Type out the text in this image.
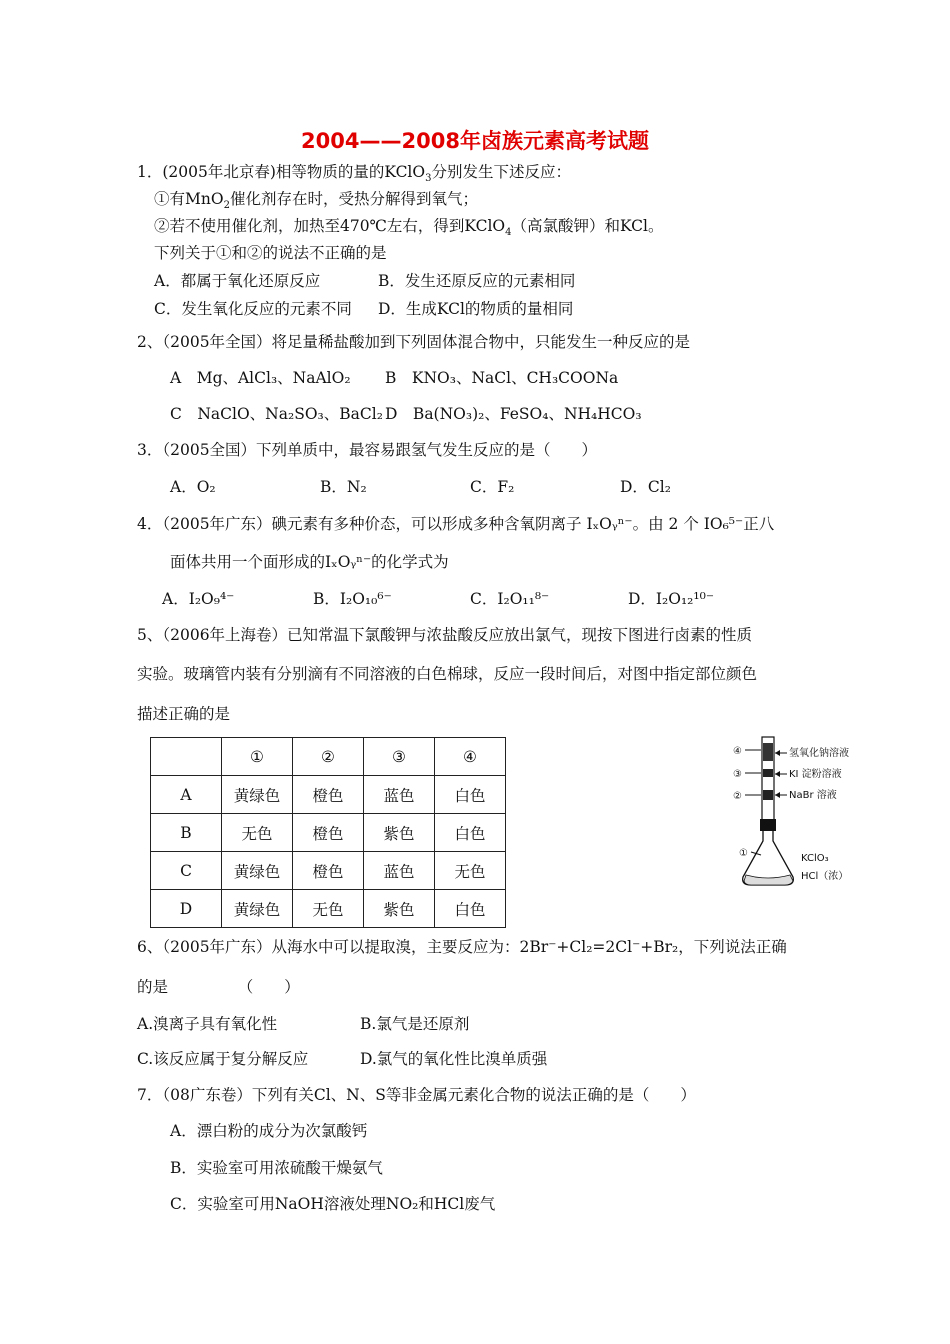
2004——2008年卤族元素高考试题
1．(2005年北京春)相等物质的量的KClO$_3$分别发生下述反应：
①有MnO$_2$催化剂存在时，受热分解得到氧气；
②若不使用催化剂，加热至470℃左右，得到KClO$_4$（高氯酸钾）和KCl。
下列关于①和②的说法不正确的是
A．都属于氧化还原反应	B．发生还原反应的元素相同
C．发生氧化反应的元素不同 D．生成KCl的物质的量相同
2、（2005年全国）将足量稀盐酸加到下列固体混合物中，只能发生一种反应的是
A　Mg、AlCl₃、NaAlO₂ B　KNO₃、NaCl、CH₃COONa
C　NaClO、Na₂SO₃、BaCl₂ D　Ba(NO₃)₂、FeSO₄、NH₄HCO₃
3．（2005全国）下列单质中，最容易跟氢气发生反应的是（　　）
A．O₂	B．N₂	C．F₂	D．Cl₂
4．（2005年广东）碘元素有多种价态，可以形成多种含氧阴离子 IₓOᵧⁿ⁻。由 2 个 IO₆⁵⁻正八
面体共用一个面形成的IₓOᵧⁿ⁻的化学式为
A．I₂O₉⁴⁻	B．I₂O₁₀⁶⁻	C．I₂O₁₁⁸⁻	D．I₂O₁₂¹⁰⁻
5、（2006年上海卷）已知常温下氯酸钾与浓盐酸反应放出氯气，现按下图进行卤素的性质
实验。玻璃管内装有分别滴有不同溶液的白色棉球，反应一段时间后，对图中指定部位颜色
描述正确的是
	①	②	③	④
A	黄绿色	橙色	蓝色	白色
B	无色	橙色	紫色	白色
C	黄绿色	橙色	蓝色	无色
D	黄绿色	无色	紫色	白色
④
③
②
①
氢氧化钠溶液
KI 淀粉溶液
NaBr 溶液
KClO₃
HCl（浓）
6、（2005年广东）从海水中可以提取溴，主要反应为：2Br⁻+Cl₂=2Cl⁻+Br₂，下列说法正确
的是　　　　　（　　）
A.溴离子具有氧化性	B.氯气是还原剂
C.该反应属于复分解反应	D.氯气的氧化性比溴单质强
7．（08广东卷）下列有关Cl、N、S等非金属元素化合物的说法正确的是（　　）
A．漂白粉的成分为次氯酸钙
B．实验室可用浓硫酸干燥氨气
C．实验室可用NaOH溶液处理NO₂和HCl废气
